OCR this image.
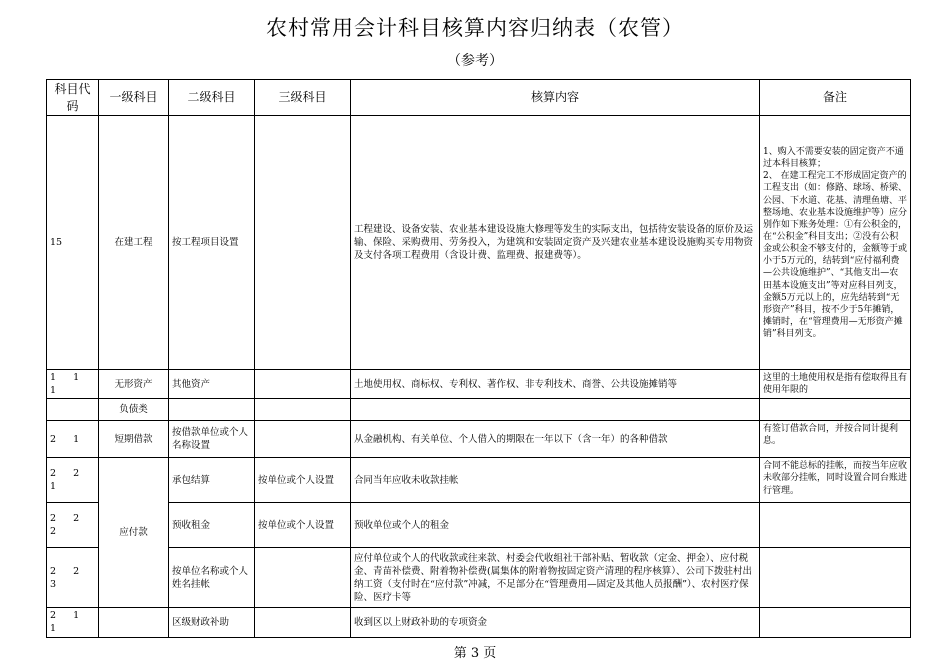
农村常用会计科目核算内容归纳表（农管）
（参考）
科目代码	一级科目	二级科目	三级科目	核算内容	备注
15	在建工程	按工程项目设置		工程建设、设备安装、农业基本建设设施大修理等发生的实际支出，包括待安装设备的原价及运输、保险、采购费用、劳务投入，为建筑和安装固定资产及兴建农业基本建设设施购买专用物资及支付各项工程费用（含设计费、监理费、报建费等）。	1、购入不需要安装的固定资产不通过本科目核算；
2、 在建工程完工不形成固定资产的工程支出（如：修路、球场、桥梁、公园、下水道、花基、清理鱼塘、平整场地、农业基本设施维护等）应分别作如下账务处理：①有公积金的，在“公积金”科目支出；②没有公积金或公积金不够支付的，金额等于或小于5万元的，结转到“应付福利费—公共设施维护”、“其他支出—农田基本设施支出”等对应科目列支，金额5万元以上的，应先结转到“无形资产”科目，按不少于5年摊销，摊销时，在“管理费用—无形资产摊销”科目列支。
1 1 1	无形资产	其他资产		土地使用权、商标权、专利权、著作权、非专利技术、商誉、公共设施摊销等	这里的土地使用权是指有偿取得且有使用年限的
	负债类				
2 1	短期借款	按借款单位或个人名称设置		从金融机构、有关单位、个人借入的期限在一年以下（含一年）的各种借款	有签订借款合同，并按合同计提利息。
2 2 1	应付款	承包结算	按单位或个人设置	合同当年应收未收款挂帐	合同不能总标的挂帐，而按当年应收未收部分挂帐，同时设置合同台账进行管理。
2 2 2		预收租金	按单位或个人设置	预收单位或个人的租金	
2 2 3		按单位名称或个人姓名挂帐		应付单位或个人的代收款或往来款、村委会代收组社干部补贴、暂收款（定金、押金）、应付税金、青苗补偿费、附着物补偿费(属集体的附着物按固定资产清理的程序核算）、公司下拨驻村出纳工资（支付时在“应付款”冲减，不足部分在“管理费用—固定及其他人员报酬”）、农村医疗保险、医疗卡等	
2 1 1		区级财政补助		收到区以上财政补助的专项资金	
第 3 页
